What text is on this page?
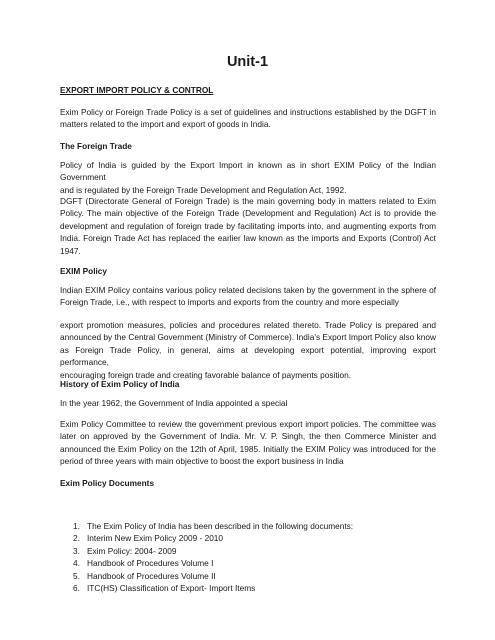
Unit-1
EXPORT IMPORT POLICY & CONTROL
Exim Policy or Foreign Trade Policy is a set of guidelines and instructions established by the DGFT in
matters related to the import and export of goods in India.
The Foreign Trade
Policy of India is guided by the Export Import in known as in short EXIM Policy of the Indian Government
and is regulated by the Foreign Trade Development and Regulation Act, 1992.
DGFT (Directorate General of Foreign Trade) is the main governing body in matters related to Exim
Policy. The main objective of the Foreign Trade (Development and Regulation) Act is to provide the
development and regulation of foreign trade by facilitating imports into, and augmenting exports from
India. Foreign Trade Act has replaced the earlier law known as the imports and Exports (Control) Act
1947.
EXIM Policy
Indian EXIM Policy contains various policy related decisions taken by the government in the sphere of
Foreign Trade, i.e., with respect to imports and exports from the country and more especially
export promotion measures, policies and procedures related thereto. Trade Policy is prepared and
announced by the Central Government (Ministry of Commerce). India's Export Import Policy also know
as Foreign Trade Policy, in general, aims at developing export potential, improving export performance,
encouraging foreign trade and creating favorable balance of payments position.
History of Exim Policy of India
In the year 1962, the Government of India appointed a special
Exim Policy Committee to review the government previous export import policies. The committee was
later on approved by the Government of India. Mr. V. P. Singh, the then Commerce Minister and
announced the Exim Policy on the 12th of April, 1985. Initially the EXIM Policy was introduced for the
period of three years with main objective to boost the export business in India
Exim Policy Documents
1. The Exim Policy of India has been described in the following documents:
2. Interim New Exim Policy 2009 - 2010
3. Exim Policy: 2004- 2009
4. Handbook of Procedures Volume I
5. Handbook of Procedures Volume II
6. ITC(HS) Classification of Export- Import Items
